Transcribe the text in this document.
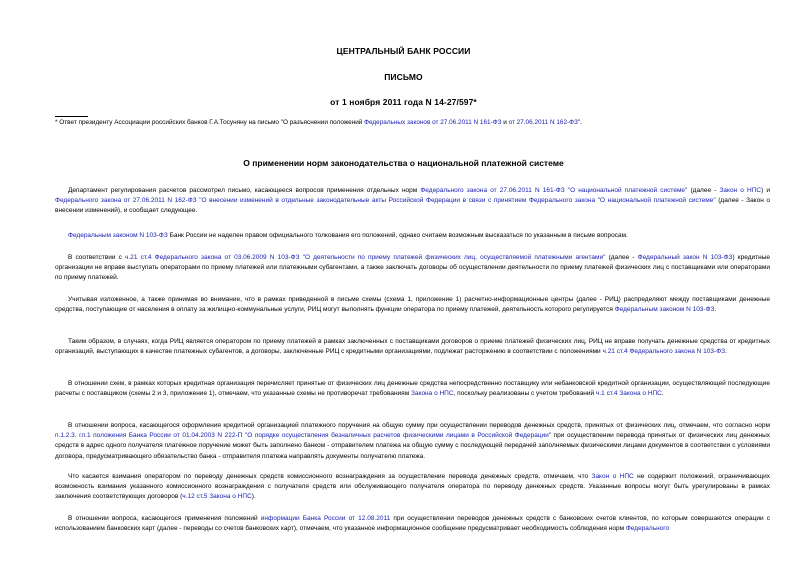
ЦЕНТРАЛЬНЫЙ БАНК РОССИИ
ПИСЬМО
от 1 ноября 2011 года N 14-27/597*
* Ответ президенту Ассоциации российских банков Г.А.Тосуняну на письмо "О разъяснении положений Федеральных законов от 27.06.2011 N 161-ФЗ и от 27.06.2011 N 162-ФЗ".
О применении норм законодательства о национальной платежной системе

Департамент регулирования расчетов рассмотрел письмо, касающееся вопросов применения отдельных норм Федерального закона от 27.06.2011 N 161-ФЗ "О национальной платежной системе" (далее - Закон о НПС) и Федерального закона от 27.06.2011 N 162-ФЗ "О внесении изменений в отдельные законодательные акты Российской Федерации в связи с принятием Федерального закона "О национальной платежной системе" (далее - Закон о внесении изменений), и сообщает следующее.

Федеральным законом N 103-ФЗ Банк России не наделен правом официального толкования его положений, однако считаем возможным высказаться по указанным в письме вопросам.

В соответствии с ч.21 ст.4 Федерального закона от 03.06.2009 N 103-ФЗ "О деятельности по приему платежей физических лиц, осуществляемой платежными агентами" (далее - Федеральный закон N 103-ФЗ) кредитные организации не вправе выступать операторами по приему платежей или платежными субагентами, а также заключать договоры об осуществлении деятельности по приему платежей физических лиц с поставщиками или операторами по приему платежей.

Учитывая изложенное, а также принимая во внимание, что в рамках приведенной в письме схемы (схема 1, приложение 1) расчетно-информационные центры (далее - РИЦ) распределяют между поставщиками денежные средства, поступающие от населения в оплату за жилищно-коммунальные услуги, РИЦ могут выполнять функции оператора по приему платежей, деятельность которого регулируется Федеральным законом N 103-ФЗ.

Таким образом, в случаях, когда РИЦ является оператором по приему платежей в рамках заключенных с поставщиками договоров о приеме платежей физических лиц, РИЦ не вправе получать денежные средства от кредитных организаций, выступающих в качестве платежных субагентов, а договоры, заключенные РИЦ с кредитными организациями, подлежат расторжению в соответствии с положениями ч.21 ст.4 Федерального закона N 103-ФЗ.

В отношении схем, в рамках которых кредитная организация перечисляет принятые от физических лиц денежные средства непосредственно поставщику или небанковской кредитной организации, осуществляющей последующие расчеты с поставщиком (схемы 2 и 3, приложение 1), отмечаем, что указанные схемы не противоречат требованиям Закона о НПС, поскольку реализованы с учетом требований ч.1 ст.4 Закона о НПС.

В отношении вопроса, касающегося оформления кредитной организацией платежного поручения на общую сумму при осуществлении переводов денежных средств, принятых от физических лиц, отмечаем, что согласно норм п.1.2.3. гл.1 положения Банка России от 01.04.2003 N 222-П "О порядке осуществления безналичных расчетов физическими лицами в Российской Федерации" при осуществлении перевода принятых от физических лиц денежных средств в адрес одного получателя платежное поручение может быть заполнено банком - отправителем платежа на общую сумму с последующей передачей заполняемых физическими лицами документов в соответствии с условиями договора, предусматривающего обязательство банка - отправителя платежа направлять документы получателю платежа.

Что касается взимания оператором по переводу денежных средств комиссионного вознаграждения за осуществление перевода денежных средств, отмечаем, что Закон о НПС не содержит положений, ограничивающих возможность взимания указанного комиссионного вознаграждения с получателя средств или обслуживающего получателя оператора по переводу денежных средств. Указанные вопросы могут быть урегулированы в рамках заключения соответствующих договоров (ч.12 ст.5 Закона о НПС).

В отношении вопроса, касающегося применения положений информации Банка России от 12.08.2011 при осуществлении переводов денежных средств с банковских счетов клиентов, по которым совершаются операции с использованием банковских карт (далее - переводы со счетов банковских карт), отмечаем, что указанное информационное сообщение предусматривает необходимость соблюдения норм Федерального
